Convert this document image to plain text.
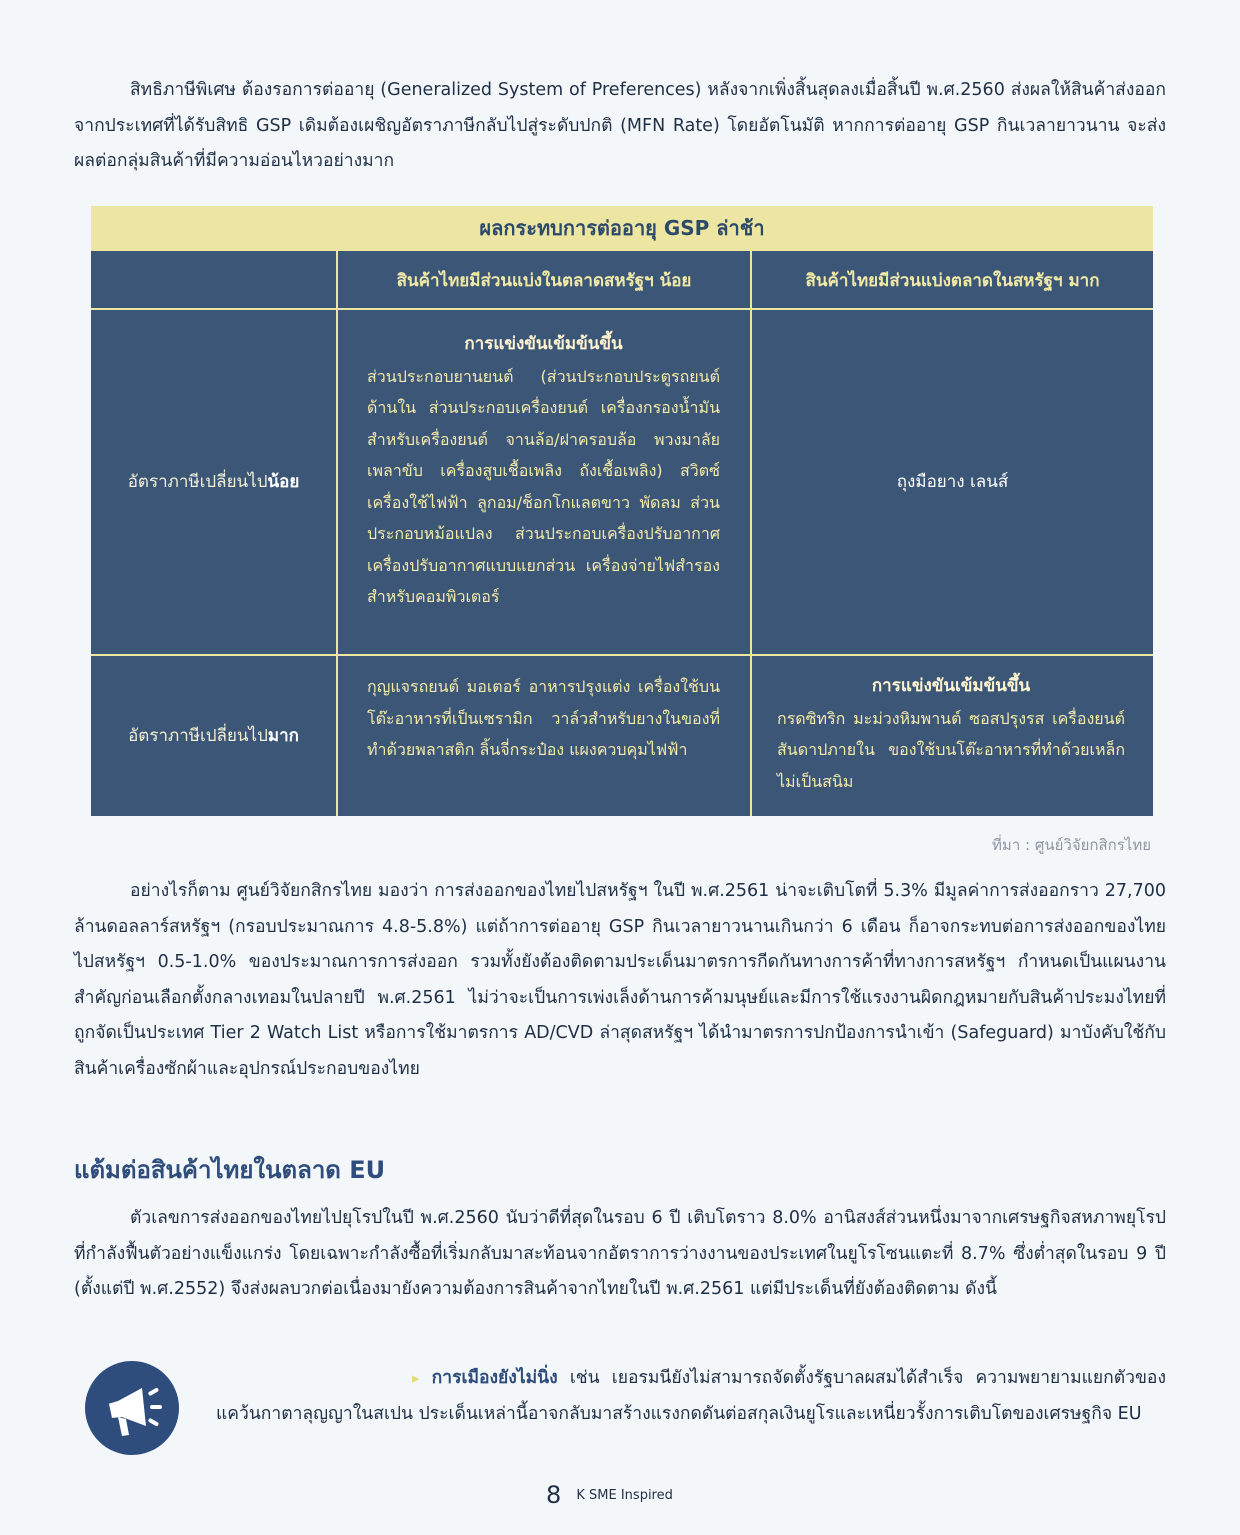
สิทธิภาษีพิเศษ ต้องรอการต่ออายุ (Generalized System of Preferences) หลังจากเพิ่งสิ้นสุดลงเมื่อสิ้นปี พ.ศ.2560 ส่งผลให้สินค้าส่งออกจากประเทศที่ได้รับสิทธิ GSP เดิมต้องเผชิญอัตราภาษีกลับไปสู่ระดับปกติ (MFN Rate) โดยอัตโนมัติ หากการต่ออายุ GSP กินเวลายาวนาน จะส่งผลต่อกลุ่มสินค้าที่มีความอ่อนไหวอย่างมาก

ผลกระทบการต่ออายุ GSP ล่าช้า
สินค้าไทยมีส่วนแบ่งในตลาดสหรัฐฯ น้อย	สินค้าไทยมีส่วนแบ่งตลาดในสหรัฐฯ มาก
อัตราภาษีเปลี่ยนไปน้อย
การแข่งขันเข้มข้นขึ้น
ส่วนประกอบยานยนต์ (ส่วนประกอบประตูรถยนต์ด้านใน ส่วนประกอบเครื่องยนต์ เครื่องกรองน้ำมันสำหรับเครื่องยนต์ จานล้อ/ฝาครอบล้อ พวงมาลัย เพลาขับ เครื่องสูบเชื้อเพลิง ถังเชื้อเพลิง) สวิตซ์เครื่องใช้ไฟฟ้า ลูกอม/ช็อกโกแลตขาว พัดลม ส่วนประกอบหม้อแปลง ส่วนประกอบเครื่องปรับอากาศ เครื่องปรับอากาศแบบแยกส่วน เครื่องจ่ายไฟสำรองสำหรับคอมพิวเตอร์
ถุงมือยาง เลนส์
อัตราภาษีเปลี่ยนไปมาก
กุญแจรถยนต์ มอเตอร์ อาหารปรุงแต่ง เครื่องใช้บนโต๊ะอาหารที่เป็นเซรามิก วาล์วสำหรับยางในของที่ทำด้วยพลาสติก ลิ้นจี่กระป๋อง แผงควบคุมไฟฟ้า
การแข่งขันเข้มข้นขึ้น
กรดซิทริก มะม่วงหิมพานต์ ซอสปรุงรส เครื่องยนต์สันดาปภายใน ของใช้บนโต๊ะอาหารที่ทำด้วยเหล็กไม่เป็นสนิม
ที่มา : ศูนย์วิจัยกสิกรไทย

อย่างไรก็ตาม ศูนย์วิจัยกสิกรไทย มองว่า การส่งออกของไทยไปสหรัฐฯ ในปี พ.ศ.2561 น่าจะเติบโตที่ 5.3% มีมูลค่าการส่งออกราว 27,700 ล้านดอลลาร์สหรัฐฯ (กรอบประมาณการ 4.8-5.8%) แต่ถ้าการต่ออายุ GSP กินเวลายาวนานเกินกว่า 6 เดือน ก็อาจกระทบต่อการส่งออกของไทยไปสหรัฐฯ 0.5-1.0% ของประมาณการการส่งออก รวมทั้งยังต้องติดตามประเด็นมาตรการกีดกันทางการค้าที่ทางการสหรัฐฯ กำหนดเป็นแผนงานสำคัญก่อนเลือกตั้งกลางเทอมในปลายปี พ.ศ.2561 ไม่ว่าจะเป็นการเพ่งเล็งด้านการค้ามนุษย์และมีการใช้แรงงานผิดกฎหมายกับสินค้าประมงไทยที่ถูกจัดเป็นประเทศ Tier 2 Watch List หรือการใช้มาตรการ AD/CVD ล่าสุดสหรัฐฯ ได้นำมาตรการปกป้องการนำเข้า (Safeguard) มาบังคับใช้กับสินค้าเครื่องซักผ้าและอุปกรณ์ประกอบของไทย

แต้มต่อสินค้าไทยในตลาด EU

ตัวเลขการส่งออกของไทยไปยุโรปในปี พ.ศ.2560 นับว่าดีที่สุดในรอบ 6 ปี เติบโตราว 8.0% อานิสงส์ส่วนหนึ่งมาจากเศรษฐกิจสหภาพยุโรปที่กำลังฟื้นตัวอย่างแข็งแกร่ง โดยเฉพาะกำลังซื้อที่เริ่มกลับมาสะท้อนจากอัตราการว่างงานของประเทศในยูโรโซนแตะที่ 8.7% ซึ่งต่ำสุดในรอบ 9 ปี (ตั้งแต่ปี พ.ศ.2552) จึงส่งผลบวกต่อเนื่องมายังความต้องการสินค้าจากไทยในปี พ.ศ.2561 แต่มีประเด็นที่ยังต้องติดตาม ดังนี้

▸ การเมืองยังไม่นิ่ง เช่น เยอรมนียังไม่สามารถจัดตั้งรัฐบาลผสมได้สำเร็จ ความพยายามแยกตัวของแคว้นกาตาลุญญาในสเปน ประเด็นเหล่านี้อาจกลับมาสร้างแรงกดดันต่อสกุลเงินยูโรและเหนี่ยวรั้งการเติบโตของเศรษฐกิจ EU

8 K SME Inspired
